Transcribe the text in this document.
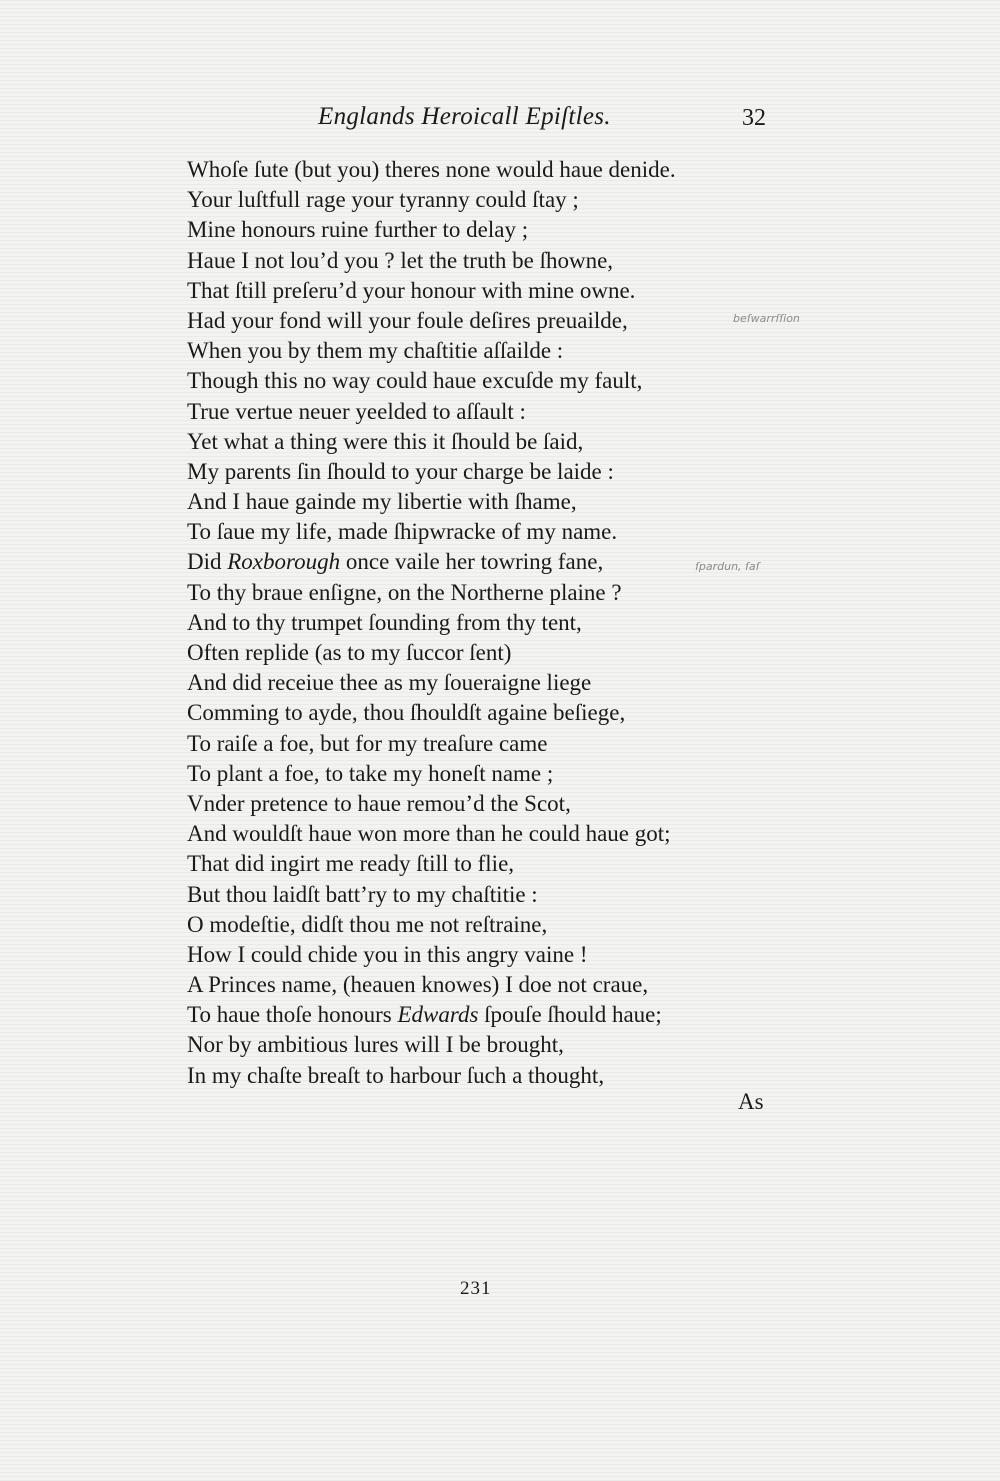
Englands Heroicall Epiſtles.	32
Whoſe ſute (but you) theres none would haue denide.
Your luſtfull rage your tyranny could ſtay ;
Mine honours ruine further to delay ;
Haue I not lou’d you ? let the truth be ſhowne,
That ſtill preſeru’d your honour with mine owne.
Had your fond will your foule deſires preuailde,
When you by them my chaſtitie aſſailde :
Though this no way could haue excuſde my fault,
True vertue neuer yeelded to aſſault :
Yet what a thing were this it ſhould be ſaid,
My parents ſin ſhould to your charge be laide :
And I haue gainde my libertie with ſhame,
To ſaue my life, made ſhipwracke of my name.
Did Roxborough once vaile her towring fane,
To thy braue enſigne, on the Northerne plaine ?
And to thy trumpet ſounding from thy tent,
Often replide (as to my ſuccor ſent)
And did receiue thee as my ſoueraigne liege
Comming to ayde, thou ſhouldſt againe beſiege,
To raiſe a foe, but for my treaſure came
To plant a foe, to take my honeſt name ;
Vnder pretence to haue remou’d the Scot,
And wouldſt haue won more than he could haue got;
That did ingirt me ready ſtill to flie,
But thou laidſt batt’ry to my chaſtitie :
O modeſtie, didſt thou me not reſtraine,
How I could chide you in this angry vaine !
A Princes name, (heauen knowes) I doe not craue,
To haue thoſe honours Edwards ſpouſe ſhould haue;
Nor by ambitious lures will I be brought,
In my chaſte breaſt to harbour ſuch a thought,
beſwarrſſion
ſpardun, ſaſ
As
231
